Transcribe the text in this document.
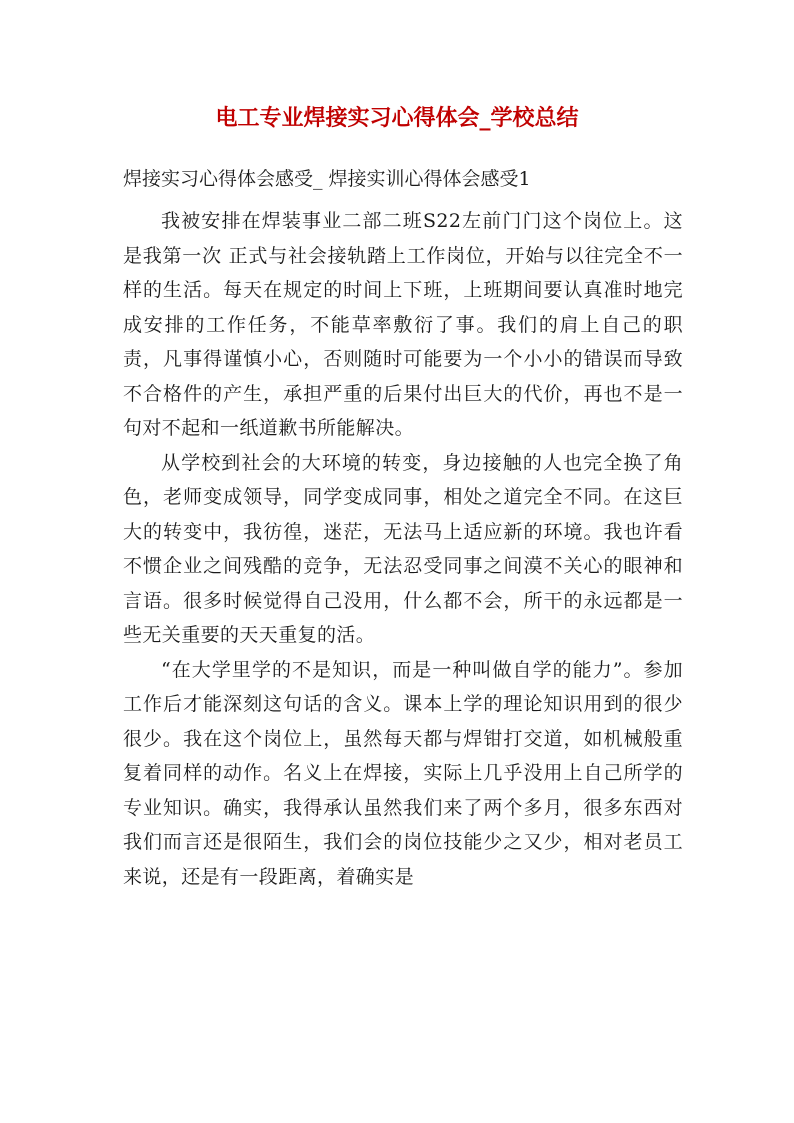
电工专业焊接实习心得体会_学校总结

焊接实习心得体会感受_ 焊接实训心得体会感受1

我被安排在焊装事业二部二班S22左前门门这个岗位上。这是我第一次 正式与社会接轨踏上工作岗位，开始与以往完全不一样的生活。每天在规定的时间上下班，上班期间要认真准时地完成安排的工作任务，不能草率敷衍了事。我们的肩上自己的职责，凡事得谨慎小心，否则随时可能要为一个小小的错误而导致不合格件的产生，承担严重的后果付出巨大的代价，再也不是一句对不起和一纸道歉书所能解决。

从学校到社会的大环境的转变，身边接触的人也完全换了角色，老师变成领导，同学变成同事，相处之道完全不同。在这巨大的转变中，我彷徨，迷茫，无法马上适应新的环境。我也许看不惯企业之间残酷的竞争，无法忍受同事之间漠不关心的眼神和言语。很多时候觉得自己没用，什么都不会，所干的永远都是一些无关重要的天天重复的活。

“在大学里学的不是知识，而是一种叫做自学的能力”。参加工作后才能深刻这句话的含义。课本上学的理论知识用到的很少很少。我在这个岗位上，虽然每天都与焊钳打交道，如机械般重复着同样的动作。名义上在焊接，实际上几乎没用上自己所学的专业知识。确实，我得承认虽然我们来了两个多月，很多东西对我们而言还是很陌生，我们会的岗位技能少之又少，相对老员工来说，还是有一段距离，着确实是
